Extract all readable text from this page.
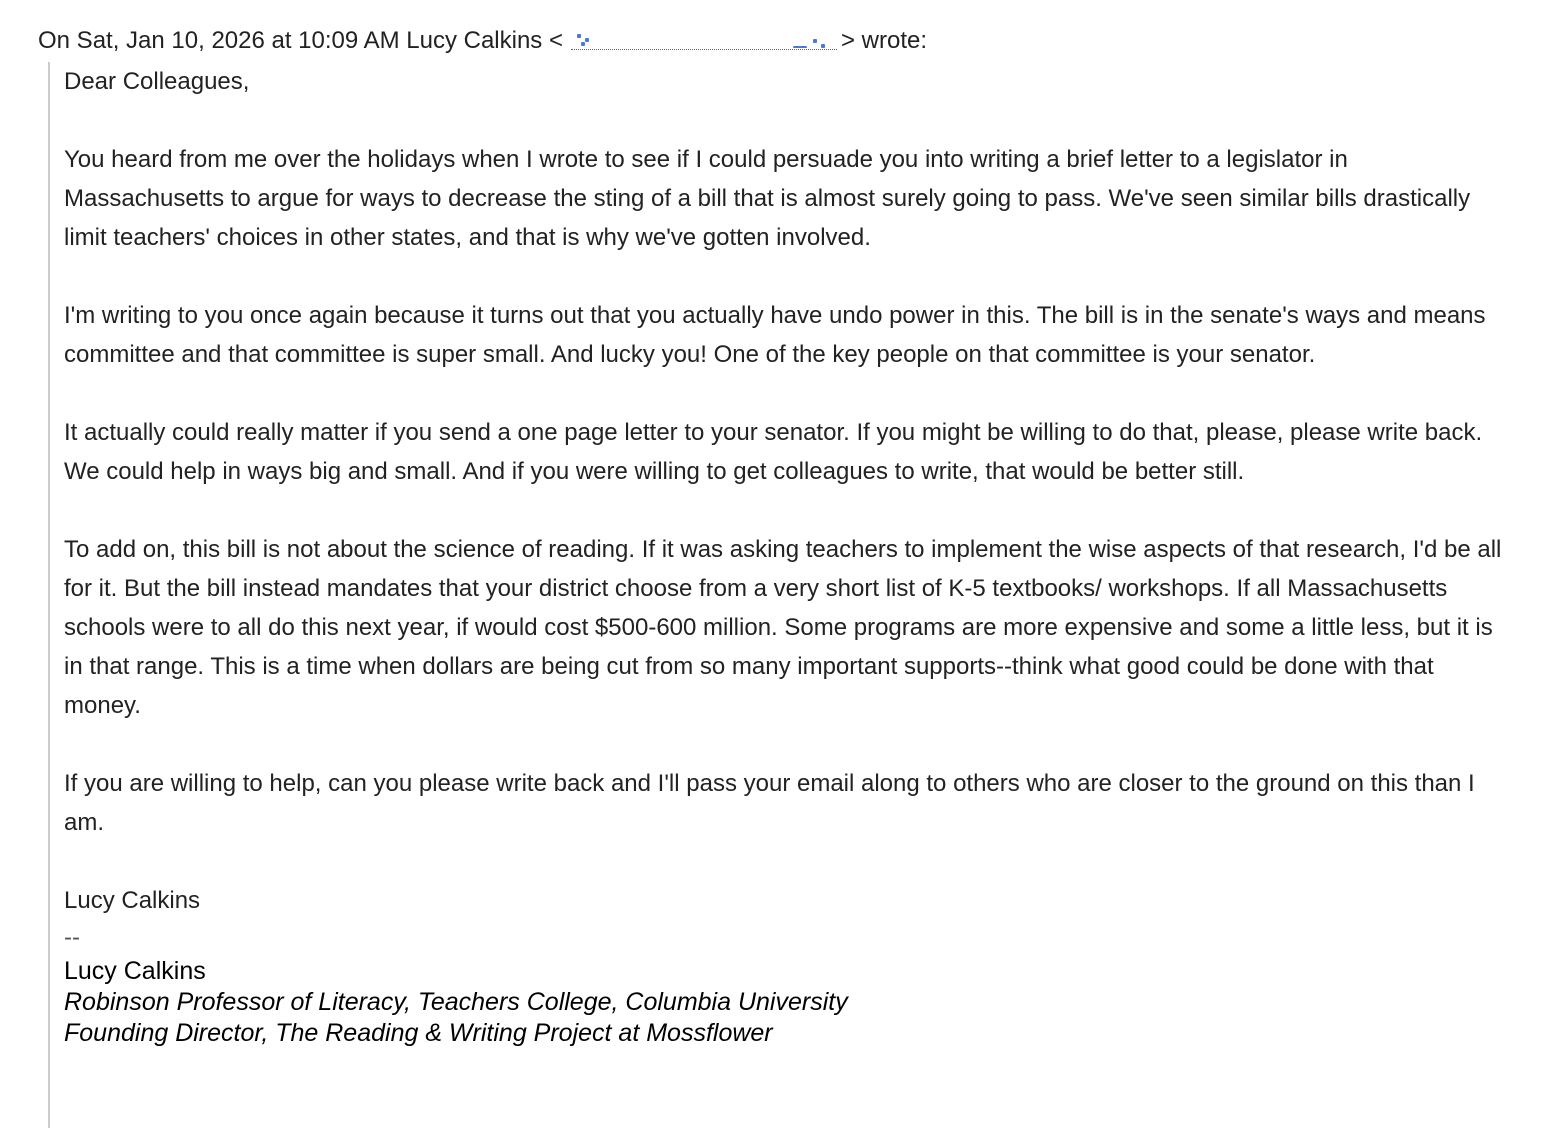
On Sat, Jan 10, 2026 at 10:09 AM Lucy Calkins <	> wrote:

Dear Colleagues,

You heard from me over the holidays when I wrote to see if I could persuade you into writing a brief letter to a legislator in Massachusetts to argue for ways to decrease the sting of a bill that is almost surely going to pass. We've seen similar bills drastically limit teachers' choices in other states, and that is why we've gotten involved.

I'm writing to you once again because it turns out that you actually have undo power in this. The bill is in the senate's ways and means committee and that committee is super small. And lucky you! One of the key people on that committee is your senator.

It actually could really matter if you send a one page letter to your senator. If you might be willing to do that, please, please write back. We could help in ways big and small. And if you were willing to get colleagues to write, that would be better still.

To add on, this bill is not about the science of reading. If it was asking teachers to implement the wise aspects of that research, I'd be all for it. But the bill instead mandates that your district choose from a very short list of K-5 textbooks/ workshops. If all Massachusetts schools were to all do this next year, if would cost $500-600 million. Some programs are more expensive and some a little less, but it is in that range. This is a time when dollars are being cut from so many important supports--think what good could be done with that money.

If you are willing to help, can you please write back and I'll pass your email along to others who are closer to the ground on this than I am.

Lucy Calkins

--

Lucy Calkins
Robinson Professor of Literacy, Teachers College, Columbia University
Founding Director, The Reading & Writing Project at Mossflower
